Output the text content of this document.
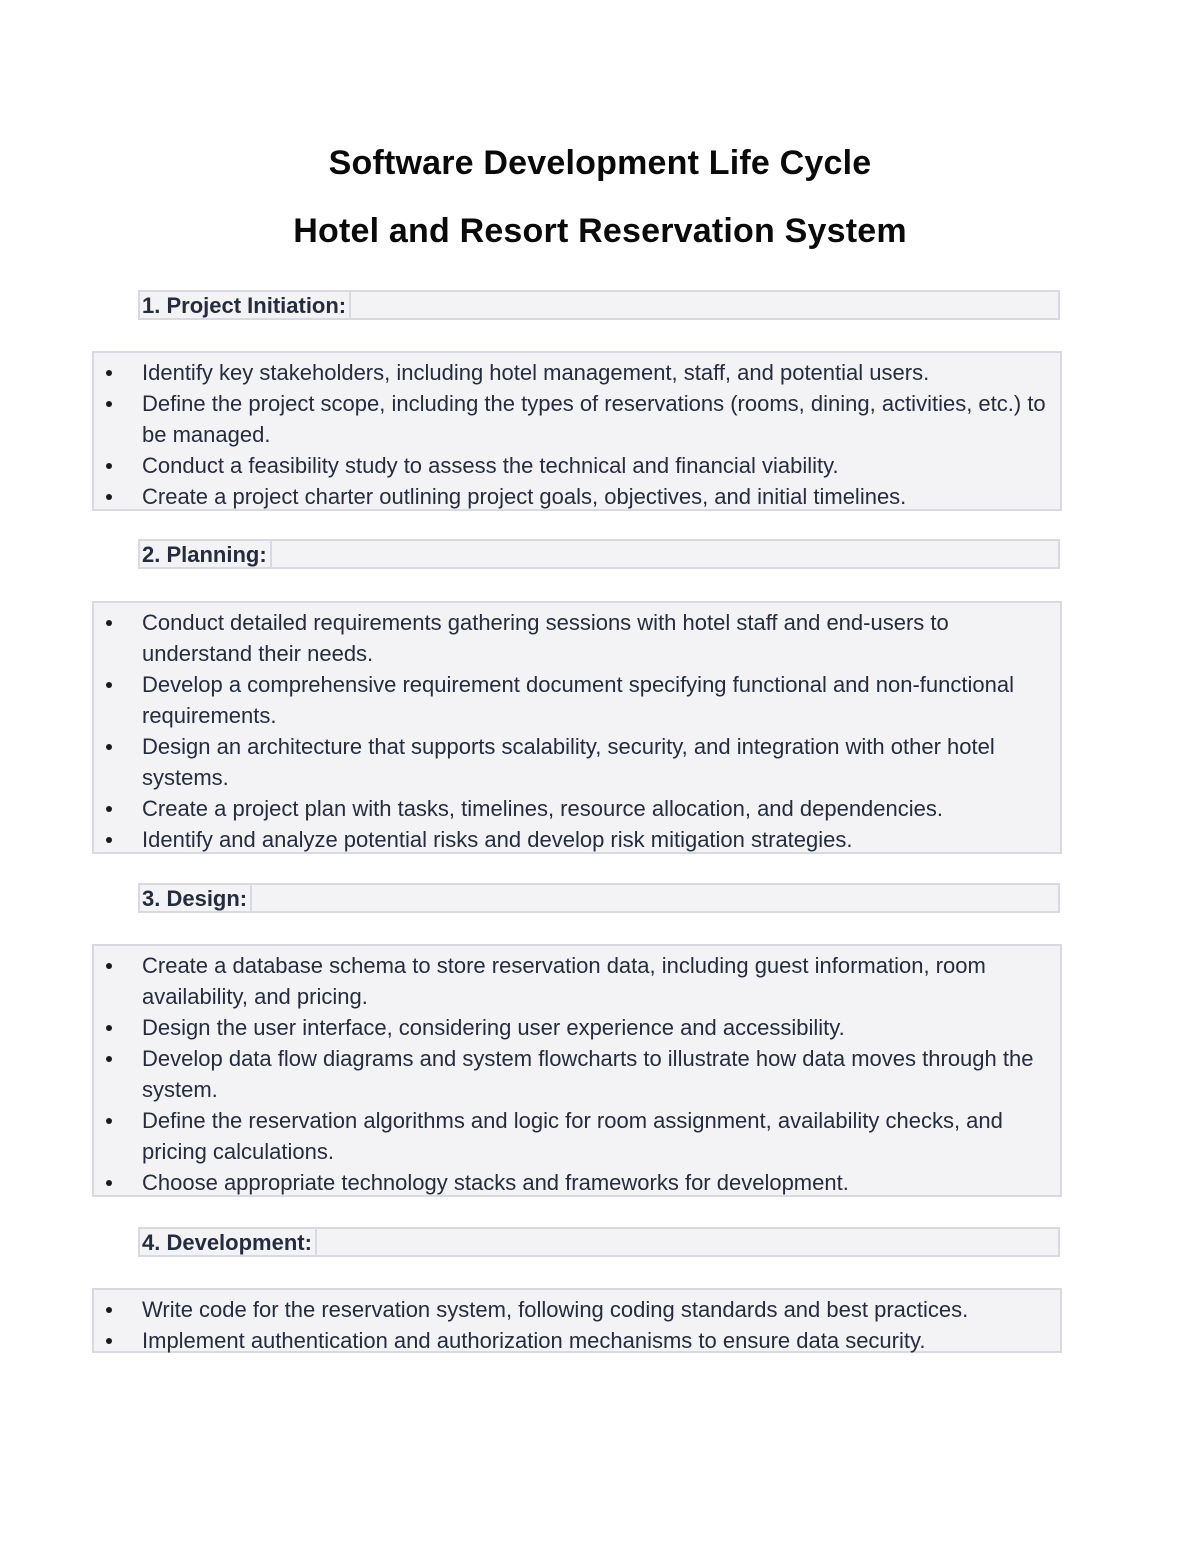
Software Development Life Cycle
Hotel and Resort Reservation System
1. Project Initiation:
Identify key stakeholders, including hotel management, staff, and potential users.
Define the project scope, including the types of reservations (rooms, dining, activities, etc.) to be managed.
Conduct a feasibility study to assess the technical and financial viability.
Create a project charter outlining project goals, objectives, and initial timelines.
2. Planning:
Conduct detailed requirements gathering sessions with hotel staff and end-users to understand their needs.
Develop a comprehensive requirement document specifying functional and non-functional requirements.
Design an architecture that supports scalability, security, and integration with other hotel systems.
Create a project plan with tasks, timelines, resource allocation, and dependencies.
Identify and analyze potential risks and develop risk mitigation strategies.
3. Design:
Create a database schema to store reservation data, including guest information, room availability, and pricing.
Design the user interface, considering user experience and accessibility.
Develop data flow diagrams and system flowcharts to illustrate how data moves through the system.
Define the reservation algorithms and logic for room assignment, availability checks, and pricing calculations.
Choose appropriate technology stacks and frameworks for development.
4. Development:
Write code for the reservation system, following coding standards and best practices.
Implement authentication and authorization mechanisms to ensure data security.
